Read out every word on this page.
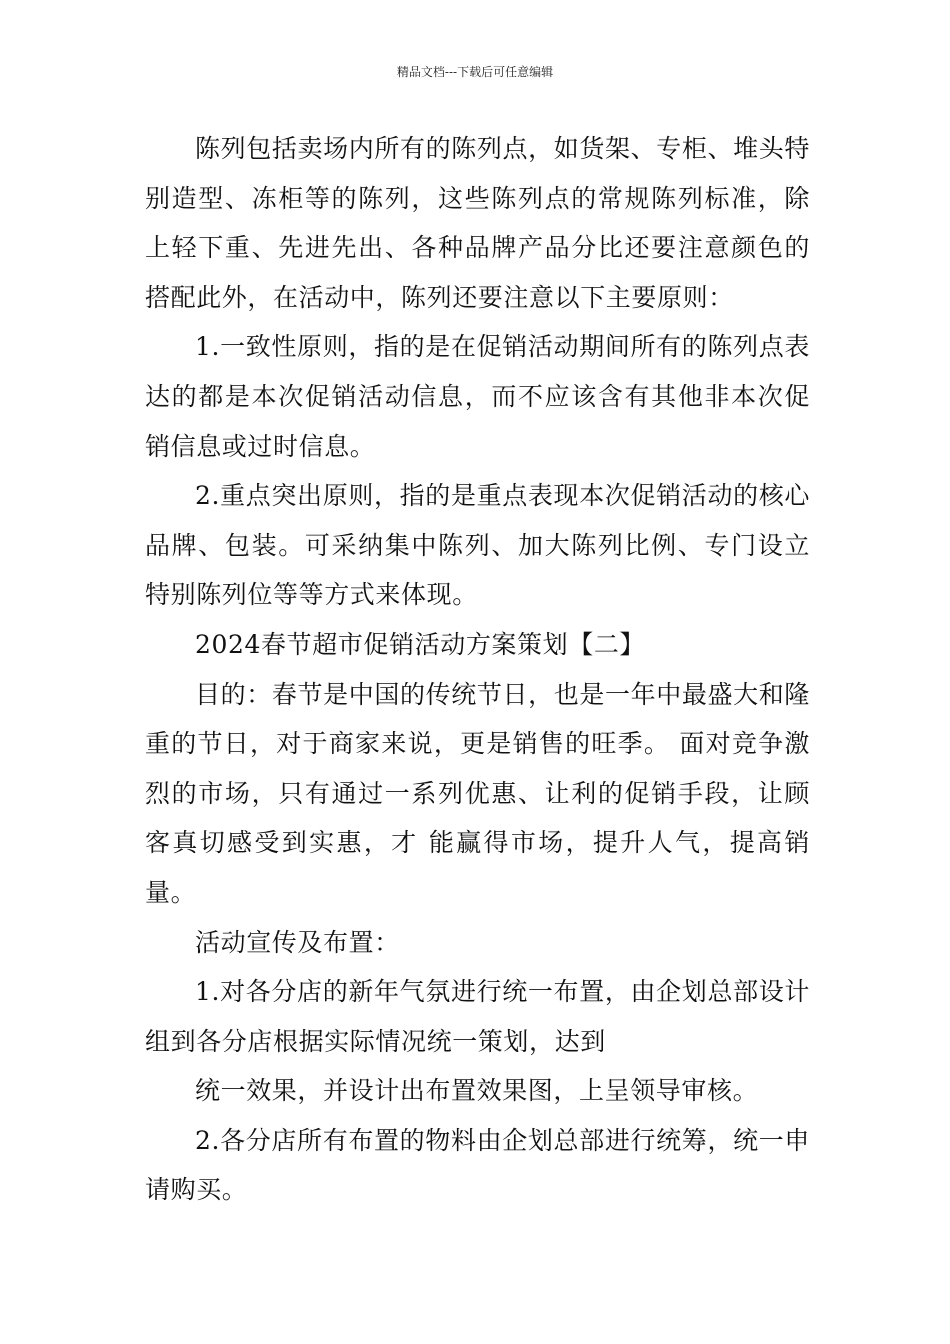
精品文档---下载后可任意编辑

陈列包括卖场内所有的陈列点，如货架、专柜、堆头特别造型、冻柜等的陈列，这些陈列点的常规陈列标准，除上轻下重、先进先出、各种品牌产品分比还要注意颜色的搭配此外，在活动中，陈列还要注意以下主要原则：

1.一致性原则，指的是在促销活动期间所有的陈列点表达的都是本次促销活动信息，而不应该含有其他非本次促销信息或过时信息。

2.重点突出原则，指的是重点表现本次促销活动的核心品牌、包装。可采纳集中陈列、加大陈列比例、专门设立特别陈列位等等方式来体现。

2024春节超市促销活动方案策划【二】

目的：春节是中国的传统节日，也是一年中最盛大和隆重的节日，对于商家来说，更是销售的旺季。 面对竞争激烈的市场，只有通过一系列优惠、让利的促销手段，让顾客真切感受到实惠，才 能赢得市场，提升人气，提高销量。

活动宣传及布置：

1.对各分店的新年气氛进行统一布置，由企划总部设计组到各分店根据实际情况统一策划，达到

统一效果，并设计出布置效果图，上呈领导审核。

2.各分店所有布置的物料由企划总部进行统筹，统一申请购买。
